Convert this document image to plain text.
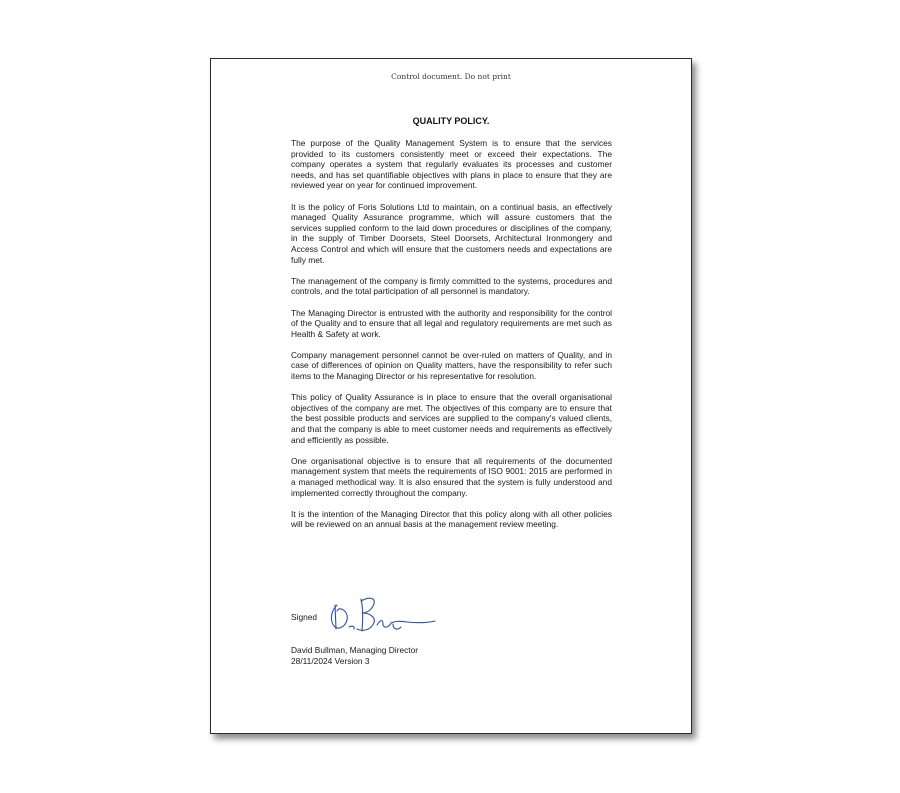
Control document. Do not print
QUALITY POLICY.

The purpose of the Quality Management System is to ensure that the services provided to its customers consistently meet or exceed their expectations. The company operates a system that regularly evaluates its processes and customer needs, and has set quantifiable objectives with plans in place to ensure that they are reviewed year on year for continued improvement.

It is the policy of Foris Solutions Ltd to maintain, on a continual basis, an effectively managed Quality Assurance programme, which will assure customers that the services supplied conform to the laid down procedures or disciplines of the company, in the supply of Timber Doorsets, Steel Doorsets, Architectural Ironmongery and Access Control and which will ensure that the customers needs and expectations are fully met.

The management of the company is firmly committed to the systems, procedures and controls, and the total participation of all personnel is mandatory.

The Managing Director is entrusted with the authority and responsibility for the control of the Quality and to ensure that all legal and regulatory requirements are met such as Health & Safety at work.

Company management personnel cannot be over-ruled on matters of Quality, and in case of differences of opinion on Quality matters, have the responsibility to refer such items to the Managing Director or his representative for resolution.

This policy of Quality Assurance is in place to ensure that the overall organisational objectives of the company are met. The objectives of this company are to ensure that the best possible products and services are supplied to the company's valued clients, and that the company is able to meet customer needs and requirements as effectively and efficiently as possible.

One organisational objective is to ensure that all requirements of the documented management system that meets the requirements of ISO 9001: 2015 are performed in a managed methodical way. It is also ensured that the system is fully understood and implemented correctly throughout the company.

It is the intention of the Managing Director that this policy along with all other policies will be reviewed on an annual basis at the management review meeting.

Signed
David Bullman, Managing Director
28/11/2024 Version 3
